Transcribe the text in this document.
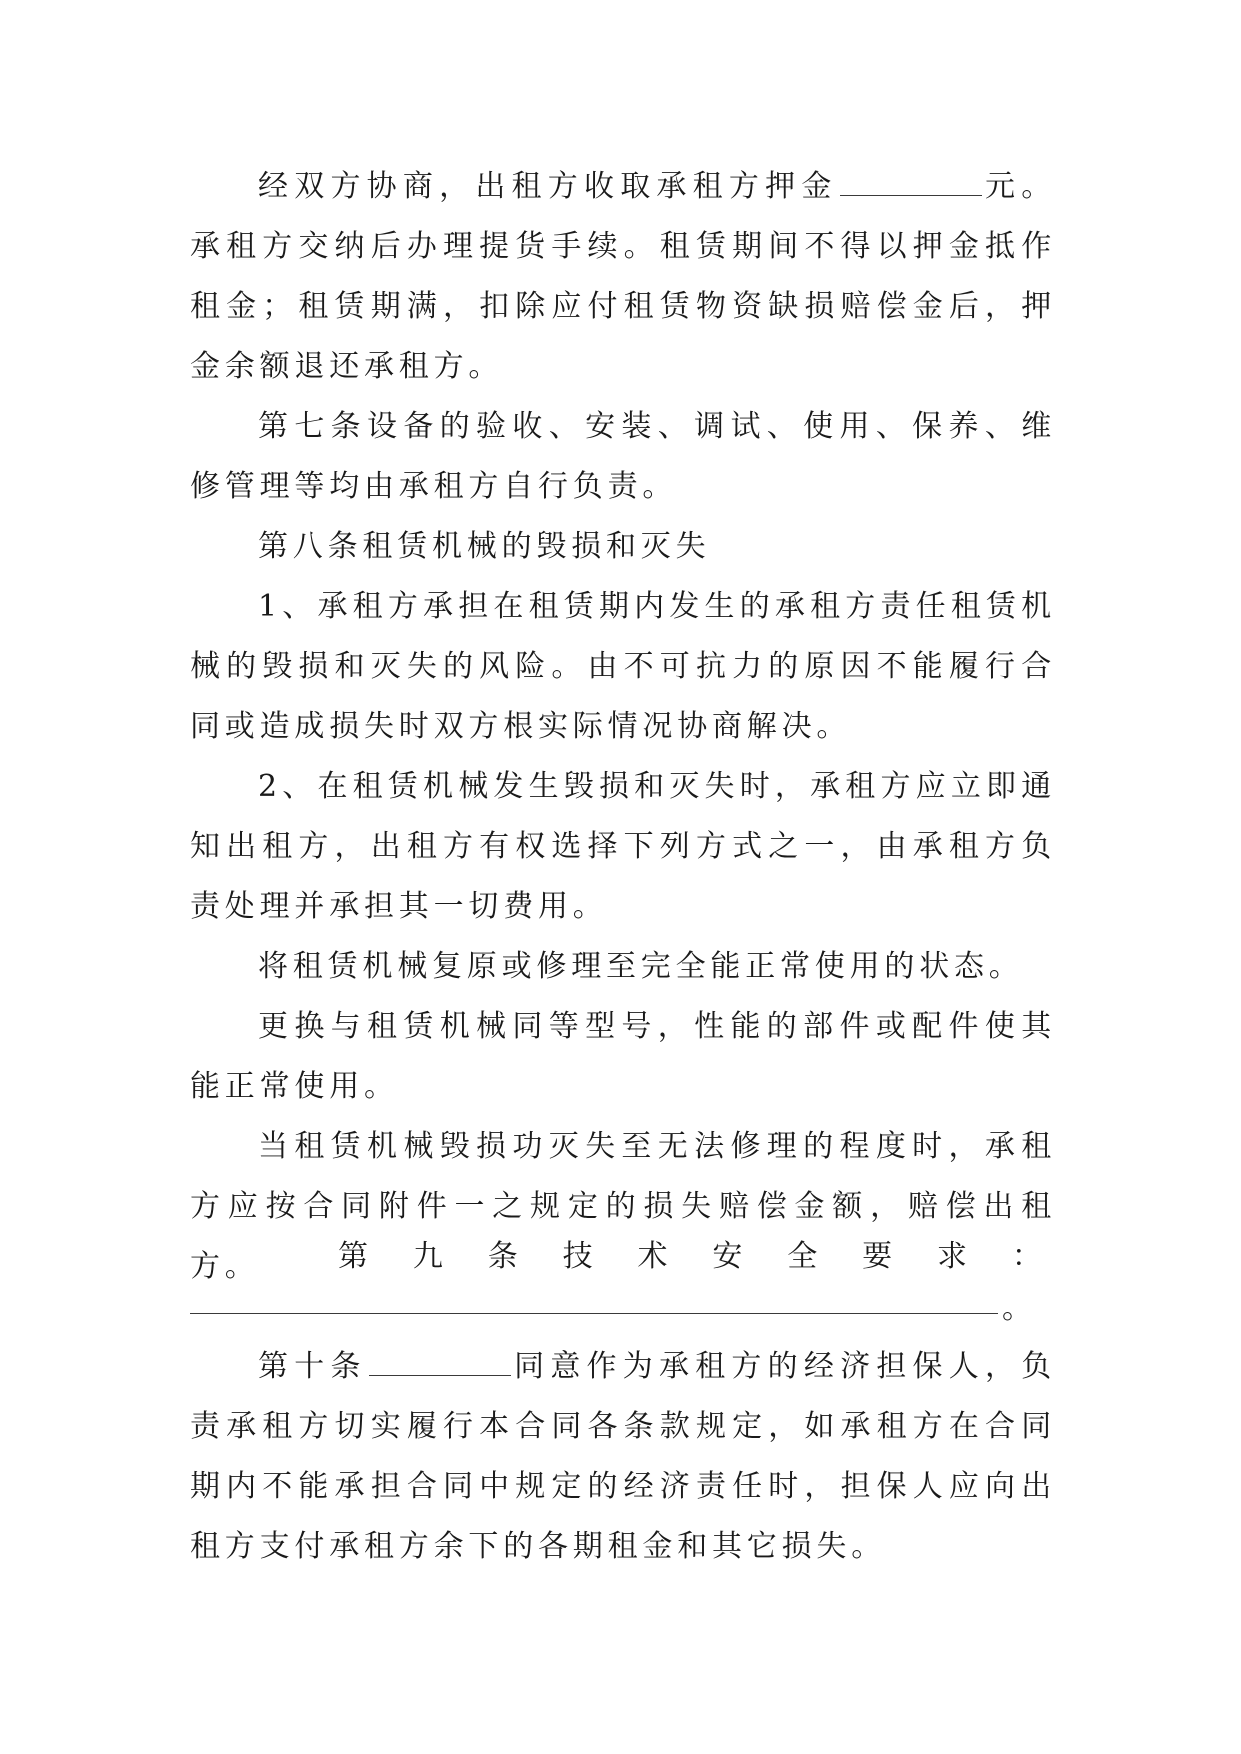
经双方协商，出租方收取承租方押金	元。承租方交纳后办理提货手续。租赁期间不得以押金抵作租金；租赁期满，扣除应付租赁物资缺损赔偿金后，押金余额退还承租方。

第七条设备的验收、安装、调试、使用、保养、维修管理等均由承租方自行负责。

第八条租赁机械的毁损和灭失

1、承租方承担在租赁期内发生的承租方责任租赁机械的毁损和灭失的风险。由不可抗力的原因不能履行合同或造成损失时双方根实际情况协商解决。

2、在租赁机械发生毁损和灭失时，承租方应立即通知出租方，出租方有权选择下列方式之一，由承租方负责处理并承担其一切费用。

将租赁机械复原或修理至完全能正常使用的状态。

更换与租赁机械同等型号，性能的部件或配件使其能正常使用。

当租赁机械毁损功灭失至无法修理的程度时，承租方应按合同附件一之规定的损失赔偿金额，赔偿出租方。	第 九 条 技 术 安 全 要 求 ：
。

第十条	同意作为承租方的经济担保人，负责承租方切实履行本合同各条款规定，如承租方在合同期内不能承担合同中规定的经济责任时，担保人应向出租方支付承租方余下的各期租金和其它损失。
